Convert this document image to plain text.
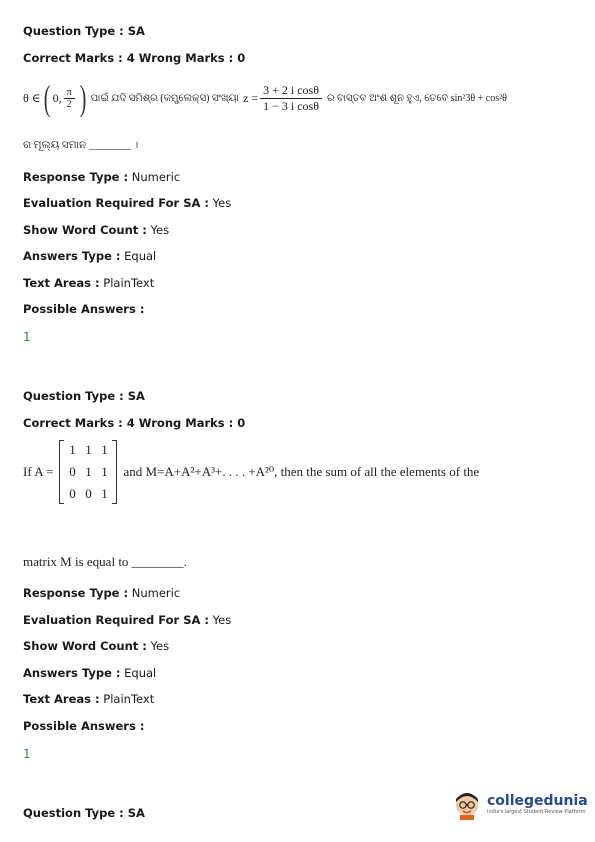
Question Type : SA
Correct Marks : 4 Wrong Marks : 0
θ ∈ ( 0, $\frac{\pi}{2}$ ) ପାଇଁ ଯଦି ସମିଶ୍ର (କମ୍ପ୍ଲେକ୍ସ) ସଂଖ୍ୟା $z = \frac{\text{3 + 2 i cosθ}}{\text{1 − 3 i cosθ}}$ ର ବାସ୍ତବ ଅଂଶ ଶୂନ ହୁଏ, ତେବେ sin²3θ + cos²θ
ର ମୂଲ୍ୟ ସମାନ ________ ।
Response Type : Numeric
Evaluation Required For SA : Yes
Show Word Count : Yes
Answers Type : Equal
Text Areas : PlainText
Possible Answers :
1
Question Type : SA
Correct Marks : 4 Wrong Marks : 0
If A =
1 1 1
0 1 1
0 0 1
and M=A+A²+A³+. . . . +A²⁰, then the sum of all the elements of the
matrix M is equal to ________.
Response Type : Numeric
Evaluation Required For SA : Yes
Show Word Count : Yes
Answers Type : Equal
Text Areas : PlainText
Possible Answers :
1
Question Type : SA
collegedunia
India's largest Student Review Platform
